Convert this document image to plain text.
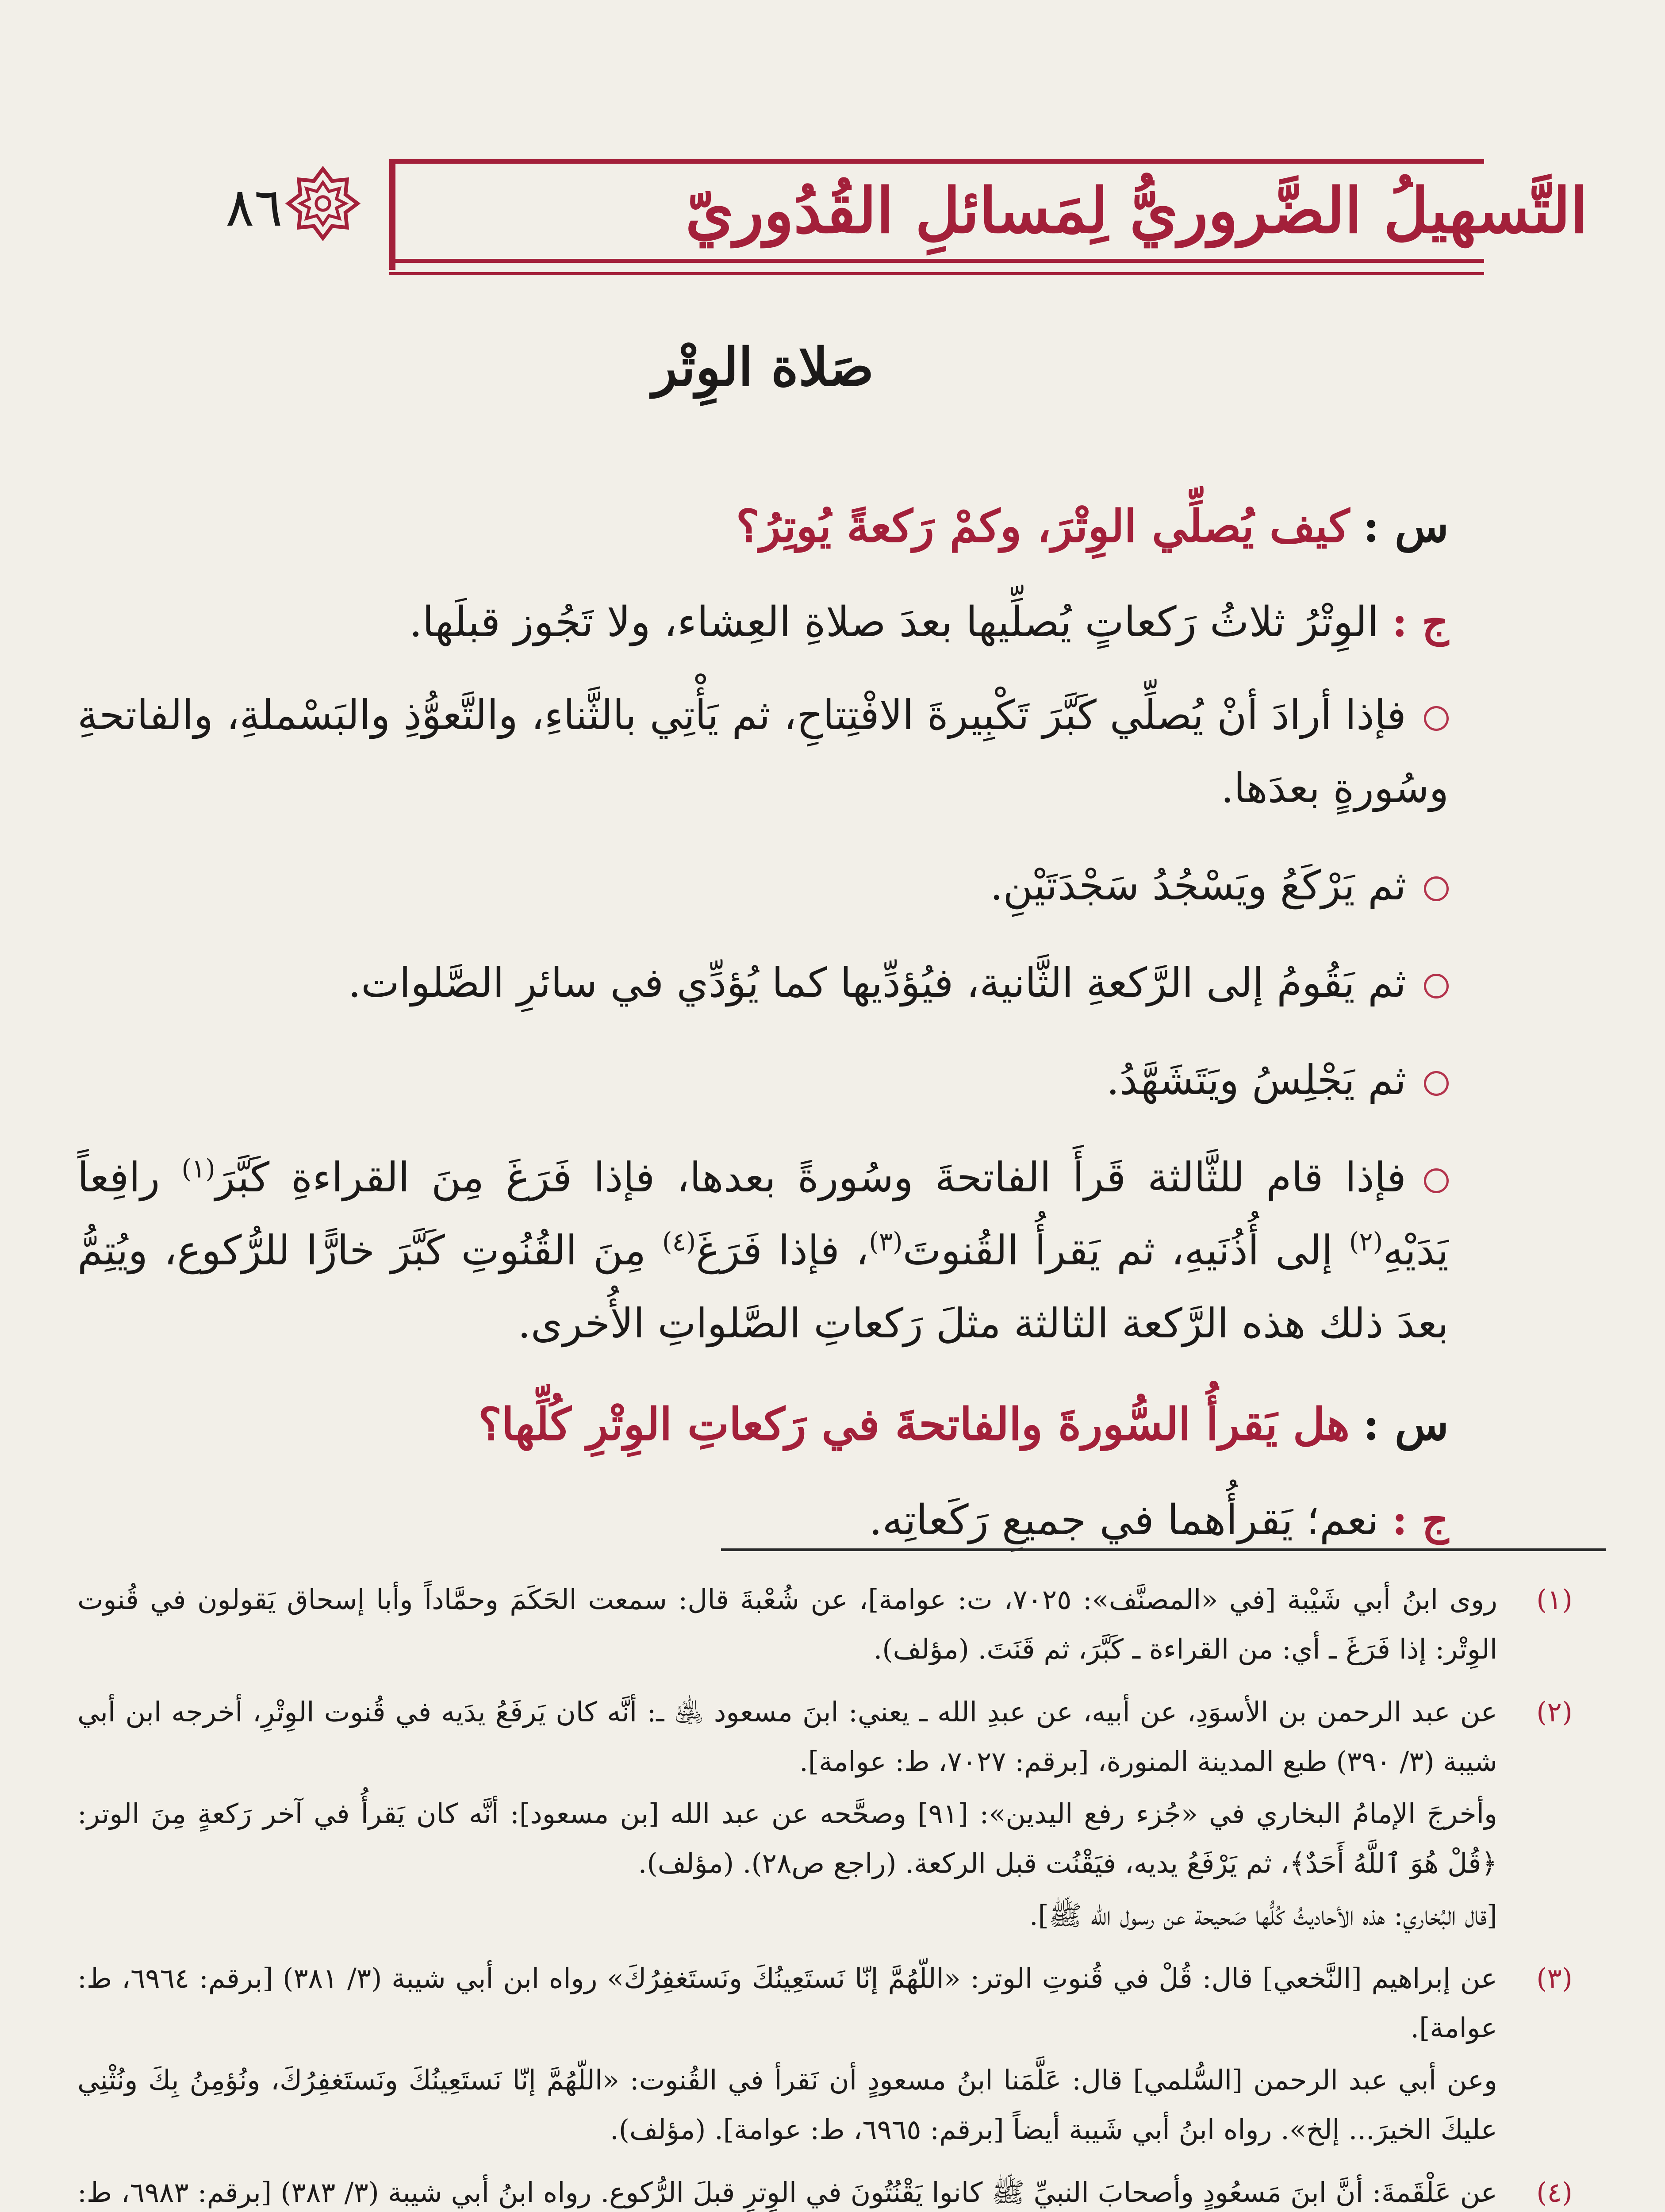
٨٦	التَّسهيلُ الضَّروريُّ لِمَسائلِ القُدُوريّ
صَلاة الوِتْر

س :كيف يُصلِّي الوِتْرَ، وكمْ رَكعةً يُوتِرُ؟

ج :الوِتْرُ ثلاثُ رَكعاتٍ يُصلِّيها بعدَ صلاةِ العِشاء، ولا تَجُوز قبلَها.

فإذا أرادَ أنْ يُصلِّي كَبَّرَ تَكْبِيرةَ الافْتِتاحِ، ثم يَأْتِي بالثَّناءِ، والتَّعوُّذِ والبَسْملةِ، والفاتحةِ وسُورةٍ بعدَها.

ثم يَرْكَعُ ويَسْجُدُ سَجْدَتَيْنِ.

ثم يَقُومُ إلى الرَّكعةِ الثَّانية، فيُؤدِّيها كما يُؤدِّي في سائرِ الصَّلوات.

ثم يَجْلِسُ ويَتَشَهَّدُ.

فإذا قام للثَّالثة قَرأَ الفاتحةَ وسُورةً بعدها، فإذا فَرَغَ مِنَ القراءةِ كَبَّرَ$^{(١)}$ رافِعاً يَدَيْهِ$^{(٢)}$ إلى أُذُنَيهِ، ثم يَقرأُ القُنوتَ$^{(٣)}$، فإذا فَرَغَ$^{(٤)}$ مِنَ القُنُوتِ كَبَّرَ خارًّا للرُّكوع، ويُتِمُّ بعدَ ذلك هذه الرَّكعة الثالثة مثلَ رَكعاتِ الصَّلواتِ الأُخرى.

س :هل يَقرأُ السُّورةَ والفاتحةَ في رَكعاتِ الوِتْرِ كُلِّها؟

ج :نعم؛ يَقرأُهما في جميعِ رَكَعاتِه.

(١)

روى ابنُ أبي شَيْبة [في «المصنَّف»: ٧٠٢٥، ت: عوامة]، عن شُعْبةَ قال: سمعت الحَكَمَ وحمَّاداً وأبا إسحاق يَقولون في قُنوت الوِتْر: إذا فَرَغَ ـ أي: من القراءة ـ كَبَّرَ، ثم قَنَتَ. (مؤلف).

(٢)

عن عبد الرحمن بن الأسوَدِ، عن أبيه، عن عبدِ الله ـ يعني: ابنَ مسعود ﵁ ـ: أنَّه كان يَرفَعُ يدَيه في قُنوت الوِتْرِ، أخرجه ابن أبي شيبة (٣/ ٣٩٠) طبع المدينة المنورة، [برقم: ٧٠٢٧، ط: عوامة].

وأخرجَ الإمامُ البخاري في «جُزء رفع اليدين»: [٩١] وصحَّحه عن عبد الله [بن مسعود]: أنَّه كان يَقرأُ في آخر رَكعةٍ مِنَ الوتر: ﴿قُلْ هُوَ ٱللَّهُ أَحَدٌ﴾، ثم يَرْفَعُ يديه، فيَقْنُت قبل الركعة. (راجع ص٢٨). (مؤلف).

[قال البُخاري: هذه الأحاديثُ كُلُّها صَحيحة عن رسول الله ﷺ].

(٣)

عن إبراهيم [النَّخعي] قال: قُلْ في قُنوتِ الوتر: «اللّهُمَّ إنّا نَستَعِينُكَ ونَستَغفِرُكَ» رواه ابن أبي شيبة (٣/ ٣٨١) [برقم: ٦٩٦٤، ط: عوامة].

وعن أبي عبد الرحمن [السُّلمي] قال: عَلَّمَنا ابنُ مسعودٍ أن نَقرأ في القُنوت: «اللّهُمَّ إنّا نَستَعِينُكَ ونَستَغفِرُكَ، ونُؤمِنُ بِكَ ونُثْنِي عليكَ الخيرَ... إلخ». رواه ابنُ أبي شَيبة أيضاً [برقم: ٦٩٦٥، ط: عوامة]. (مؤلف).

(٤)

عن عَلْقَمةَ: أنَّ ابنَ مَسعُودٍ وأصحابَ النبيِّ ﷺ كانوا يَقْنُتُونَ في الوِترِ قبلَ الرُّكوع. رواه ابنُ أبي شيبة (٣/ ٣٨٣) [برقم: ٦٩٨٣، ط:
